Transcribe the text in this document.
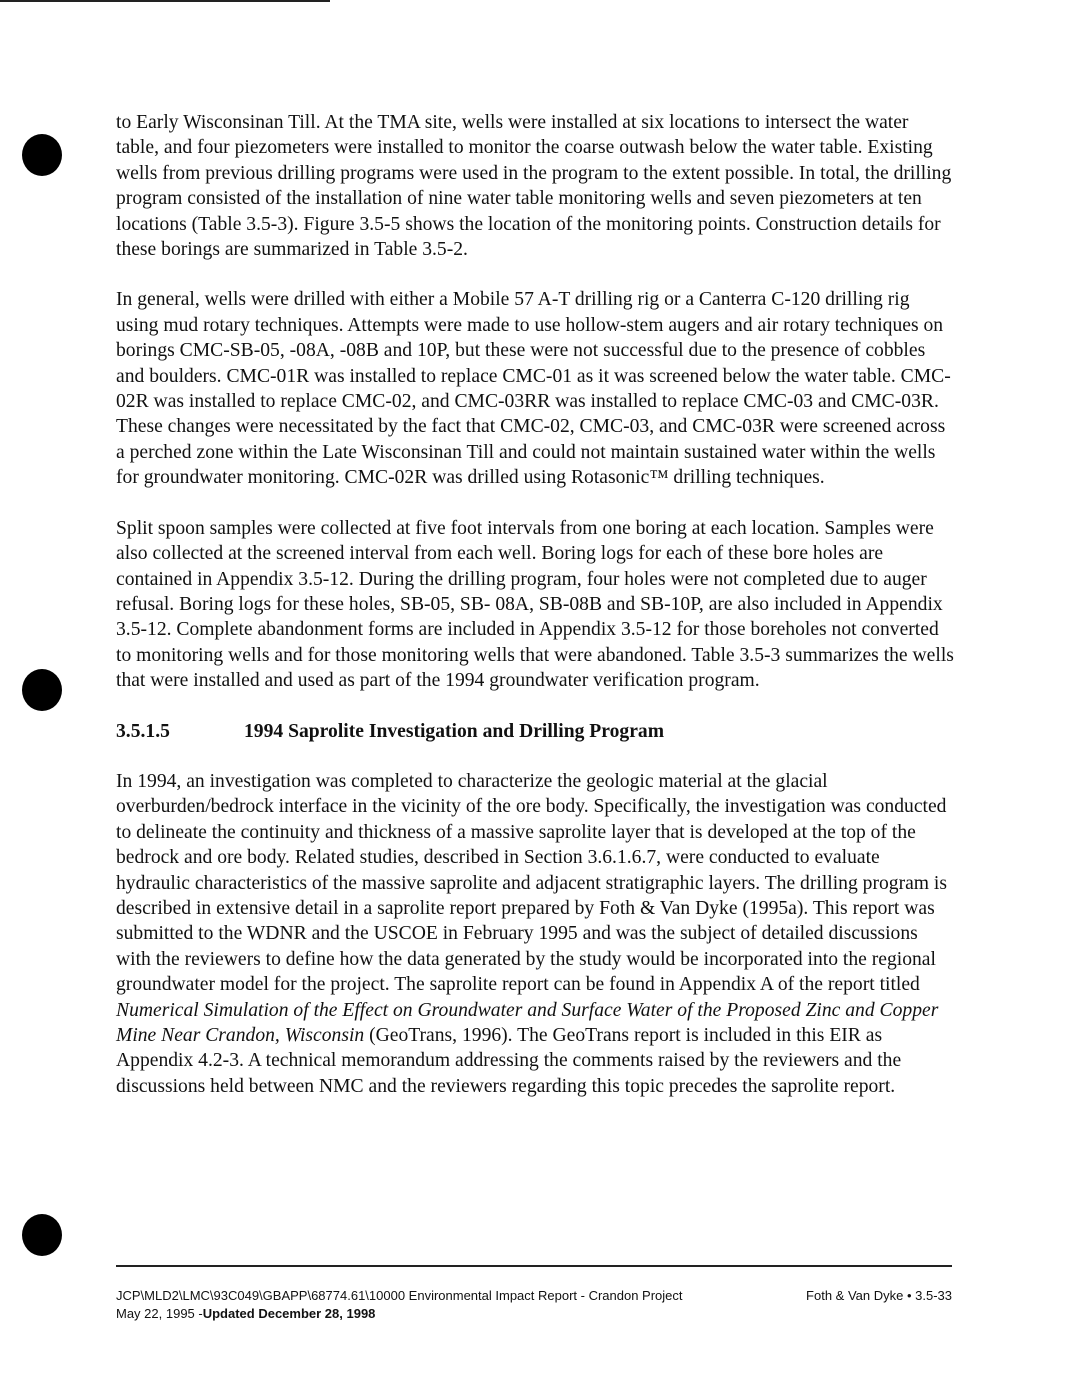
to Early Wisconsinan Till. At the TMA site, wells were installed at six locations to intersect the water table, and four piezometers were installed to monitor the coarse outwash below the water table. Existing wells from previous drilling programs were used in the program to the extent possible. In total, the drilling program consisted of the installation of nine water table monitoring wells and seven piezometers at ten locations (Table 3.5-3). Figure 3.5-5 shows the location of the monitoring points. Construction details for these borings are summarized in Table 3.5-2.

In general, wells were drilled with either a Mobile 57 A-T drilling rig or a Canterra C-120 drilling rig using mud rotary techniques. Attempts were made to use hollow-stem augers and air rotary techniques on borings CMC-SB-05, -08A, -08B and 10P, but these were not successful due to the presence of cobbles and boulders. CMC-01R was installed to replace CMC-01 as it was screened below the water table. CMC-02R was installed to replace CMC-02, and CMC-03RR was installed to replace CMC-03 and CMC-03R. These changes were necessitated by the fact that CMC-02, CMC-03, and CMC-03R were screened across a perched zone within the Late Wisconsinan Till and could not maintain sustained water within the wells for groundwater monitoring. CMC-02R was drilled using Rotasonic™ drilling techniques.

Split spoon samples were collected at five foot intervals from one boring at each location. Samples were also collected at the screened interval from each well. Boring logs for each of these bore holes are contained in Appendix 3.5-12. During the drilling program, four holes were not completed due to auger refusal. Boring logs for these holes, SB-05, SB- 08A, SB-08B and SB-10P, are also included in Appendix 3.5-12. Complete abandonment forms are included in Appendix 3.5-12 for those boreholes not converted to monitoring wells and for those monitoring wells that were abandoned. Table 3.5-3 summarizes the wells that were installed and used as part of the 1994 groundwater verification program.

3.5.1.5	1994 Saprolite Investigation and Drilling Program

In 1994, an investigation was completed to characterize the geologic material at the glacial overburden/bedrock interface in the vicinity of the ore body. Specifically, the investigation was conducted to delineate the continuity and thickness of a massive saprolite layer that is developed at the top of the bedrock and ore body. Related studies, described in Section 3.6.1.6.7, were conducted to evaluate hydraulic characteristics of the massive saprolite and adjacent stratigraphic layers. The drilling program is described in extensive detail in a saprolite report prepared by Foth & Van Dyke (1995a). This report was submitted to the WDNR and the USCOE in February 1995 and was the subject of detailed discussions with the reviewers to define how the data generated by the study would be incorporated into the regional groundwater model for the project. The saprolite report can be found in Appendix A of the report titled Numerical Simulation of the Effect on Groundwater and Surface Water of the Proposed Zinc and Copper Mine Near Crandon, Wisconsin (GeoTrans, 1996). The GeoTrans report is included in this EIR as Appendix 4.2-3. A technical memorandum addressing the comments raised by the reviewers and the discussions held between NMC and the reviewers regarding this topic precedes the saprolite report.

JCP\MLD2\LMC\93C049\GBAPP\68774.61\10000 Environmental Impact Report - Crandon Project	Foth & Van Dyke • 3.5-33
May 22, 1995 - Updated December 28, 1998
